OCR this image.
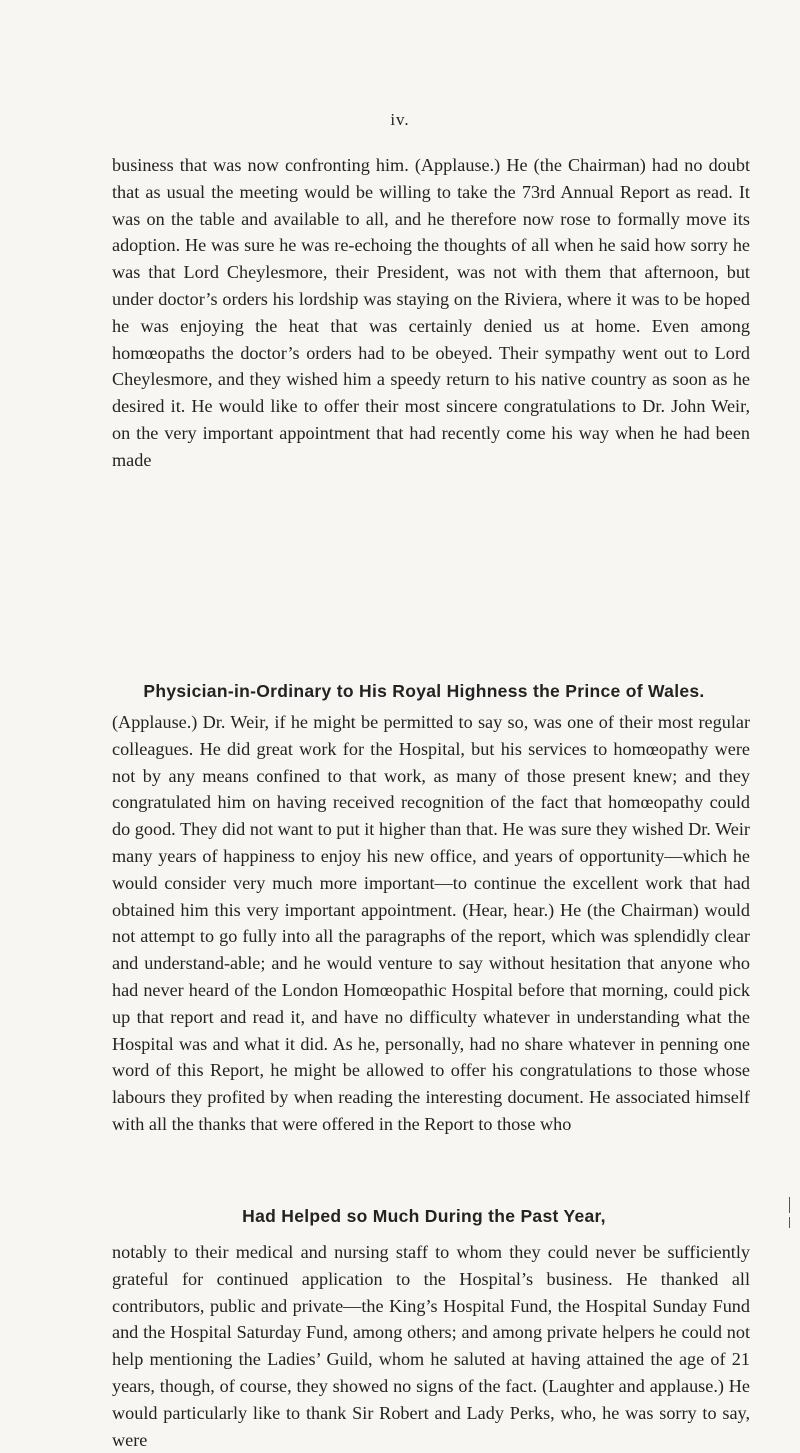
iv.

business that was now confronting him. (Applause.) He (the Chairman) had no doubt that as usual the meeting would be willing to take the 73rd Annual Report as read. It was on the table and available to all, and he therefore now rose to formally move its adoption. He was sure he was re-echoing the thoughts of all when he said how sorry he was that Lord Cheylesmore, their President, was not with them that afternoon, but under doctor’s orders his lordship was staying on the Riviera, where it was to be hoped he was enjoying the heat that was certainly denied us at home. Even among homœopaths the doctor’s orders had to be obeyed. Their sympathy went out to Lord Cheylesmore, and they wished him a speedy return to his native country as soon as he desired it. He would like to offer their most sincere congratulations to Dr. John Weir, on the very important appointment that had recently come his way when he had been made

Physician-in-Ordinary to His Royal Highness the Prince of Wales.

(Applause.) Dr. Weir, if he might be permitted to say so, was one of their most regular colleagues. He did great work for the Hospital, but his services to homœopathy were not by any means confined to that work, as many of those present knew; and they congratulated him on having received recognition of the fact that homœopathy could do good. They did not want to put it higher than that. He was sure they wished Dr. Weir many years of happiness to enjoy his new office, and years of opportunity—which he would consider very much more important—to continue the excellent work that had obtained him this very important appointment. (Hear, hear.) He (the Chairman) would not attempt to go fully into all the paragraphs of the report, which was splendidly clear and understand-able; and he would venture to say without hesitation that anyone who had never heard of the London Homœopathic Hospital before that morning, could pick up that report and read it, and have no difficulty whatever in understanding what the Hospital was and what it did. As he, personally, had no share whatever in penning one word of this Report, he might be allowed to offer his congratulations to those whose labours they profited by when reading the interesting document. He associated himself with all the thanks that were offered in the Report to those who

Had Helped so Much During the Past Year,

notably to their medical and nursing staff to whom they could never be sufficiently grateful for continued application to the Hospital’s business. He thanked all contributors, public and private—the King’s Hospital Fund, the Hospital Sunday Fund and the Hospital Saturday Fund, among others; and among private helpers he could not help mentioning the Ladies’ Guild, whom he saluted at having attained the age of 21 years, though, of course, they showed no signs of the fact. (Laughter and applause.) He would particularly like to thank Sir Robert and Lady Perks, who, he was sorry to say, were
